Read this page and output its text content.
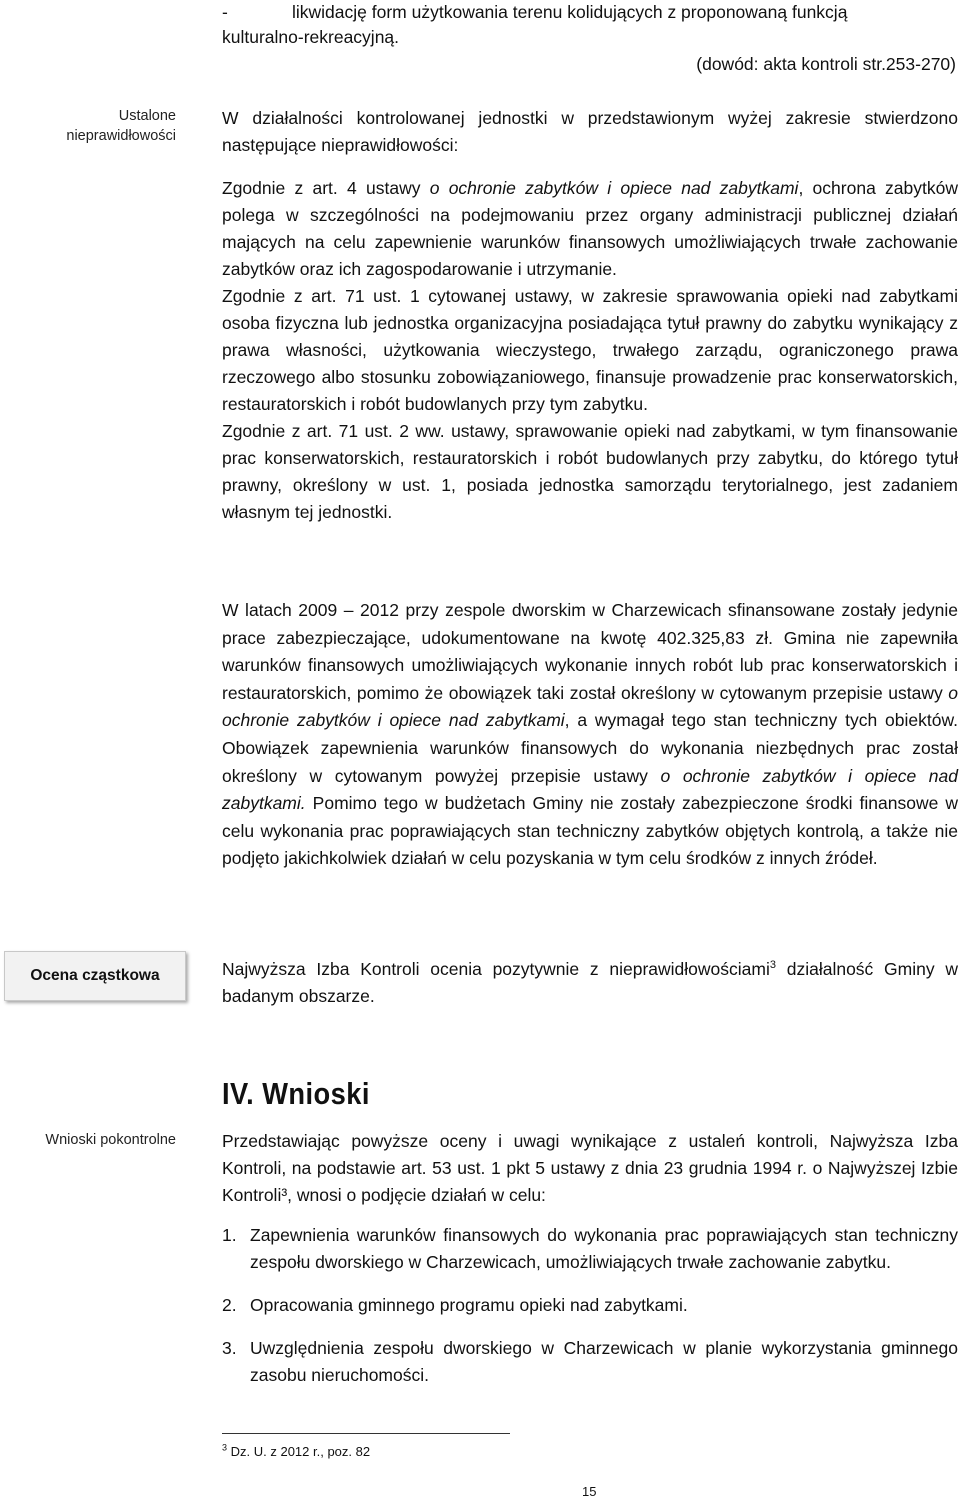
-	likwidację form użytkowania terenu kolidujących z proponowaną funkcją
kulturalno-rekreacyjną.
(dowód: akta kontroli str.253-270)
Ustalone nieprawidłowości
Ocena cząstkowa
Wnioski pokontrolne
W działalności kontrolowanej jednostki w przedstawionym wyżej zakresie stwierdzono następujące nieprawidłowości:
Zgodnie z art. 4 ustawy o ochronie zabytków i opiece nad zabytkami, ochrona zabytków polega w szczególności na podejmowaniu przez organy administracji publicznej działań mających na celu zapewnienie warunków finansowych umożliwiających trwałe zachowanie zabytków oraz ich zagospodarowanie i utrzymanie.
Zgodnie z art. 71 ust. 1 cytowanej ustawy, w zakresie sprawowania opieki nad zabytkami osoba fizyczna lub jednostka organizacyjna posiadająca tytuł prawny do zabytku wynikający z prawa własności, użytkowania wieczystego, trwałego zarządu, ograniczonego prawa rzeczowego albo stosunku zobowiązaniowego, finansuje prowadzenie prac konserwatorskich, restauratorskich i robót budowlanych przy tym zabytku.
Zgodnie z art. 71 ust. 2 ww. ustawy, sprawowanie opieki nad zabytkami, w tym finansowanie prac konserwatorskich, restauratorskich i robót budowlanych przy zabytku, do którego tytuł prawny, określony w ust. 1, posiada jednostka samorządu terytorialnego, jest zadaniem własnym tej jednostki.
W latach 2009 – 2012 przy zespole dworskim w Charzewicach sfinansowane zostały jedynie prace zabezpieczające, udokumentowane na kwotę 402.325,83 zł. Gmina nie zapewniła warunków finansowych umożliwiających wykonanie innych robót lub prac konserwatorskich i restauratorskich, pomimo że obowiązek taki został określony w cytowanym przepisie ustawy o ochronie zabytków i opiece nad zabytkami, a wymagał tego stan techniczny tych obiektów. Obowiązek zapewnienia warunków finansowych do wykonania niezbędnych prac został określony w cytowanym powyżej przepisie ustawy o ochronie zabytków i opiece nad zabytkami. Pomimo tego w budżetach Gminy nie zostały zabezpieczone środki finansowe w celu wykonania prac poprawiających stan techniczny zabytków objętych kontrolą, a także nie podjęto jakichkolwiek działań w celu pozyskania w tym celu środków z innych źródeł.
Najwyższa Izba Kontroli ocenia pozytywnie z nieprawidłowościami$^3$ działalność Gminy w badanym obszarze.
IV. Wnioski
Przedstawiając powyższe oceny i uwagi wynikające z ustaleń kontroli, Najwyższa Izba Kontroli, na podstawie art. 53 ust. 1 pkt 5 ustawy z dnia 23 grudnia 1994 r. o Najwyższej Izbie Kontroli³, wnosi o podjęcie działań w celu:
1. Zapewnienia warunków finansowych do wykonania prac poprawiających stan techniczny zespołu dworskiego w Charzewicach, umożliwiających trwałe zachowanie zabytku.
2. Opracowania gminnego programu opieki nad zabytkami.
3. Uwzględnienia zespołu dworskiego w Charzewicach w planie wykorzystania gminnego zasobu nieruchomości.
$^3$ Dz. U. z 2012 r., poz. 82
15
